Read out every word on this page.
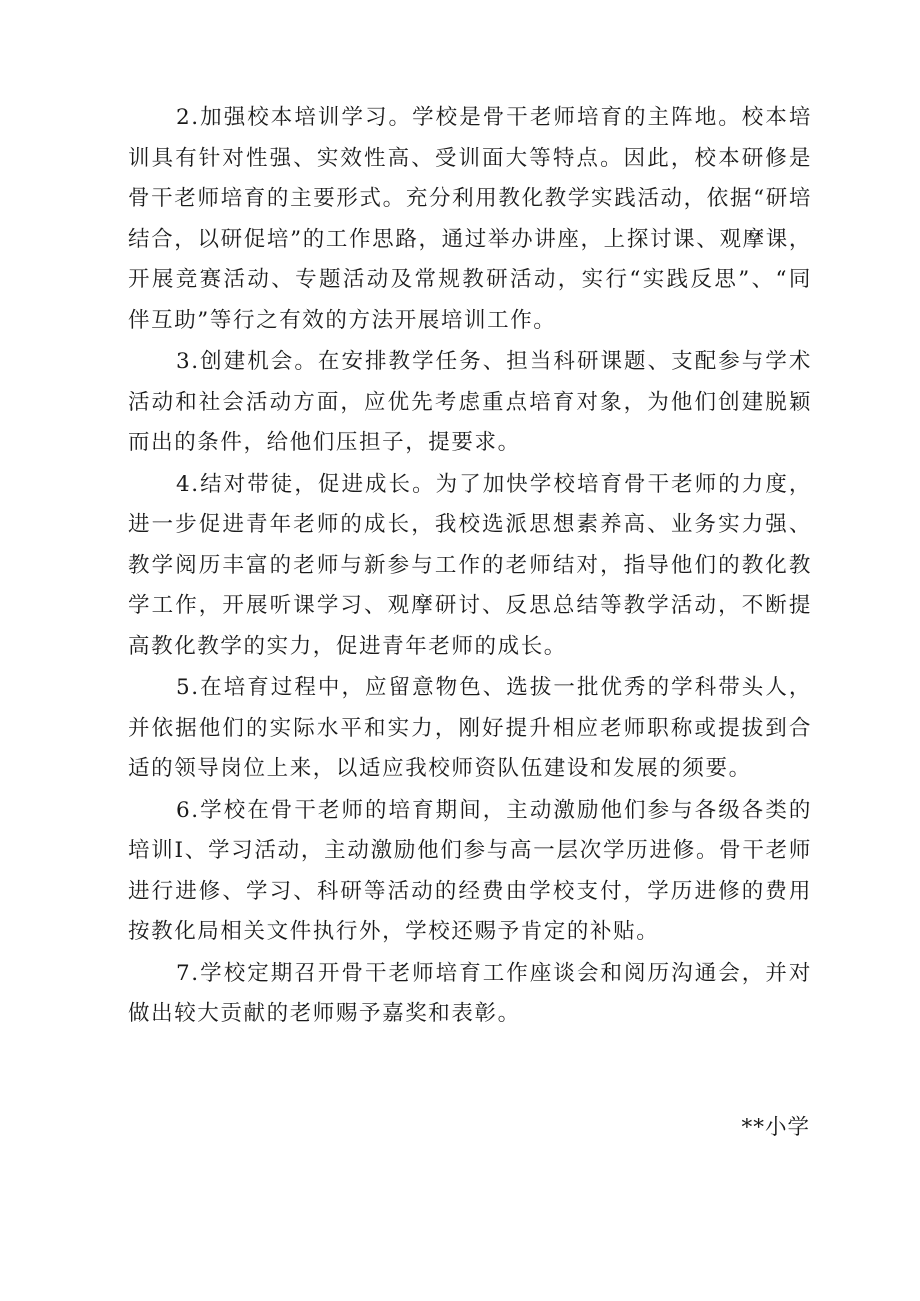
2.加强校本培训学习。学校是骨干老师培育的主阵地。校本培训具有针对性强、实效性高、受训面大等特点。因此，校本研修是骨干老师培育的主要形式。充分利用教化教学实践活动，依据“研培结合，以研促培”的工作思路，通过举办讲座，上探讨课、观摩课，开展竞赛活动、专题活动及常规教研活动，实行“实践反思”、“同伴互助”等行之有效的方法开展培训工作。

3.创建机会。在安排教学任务、担当科研课题、支配参与学术活动和社会活动方面，应优先考虑重点培育对象，为他们创建脱颖而出的条件，给他们压担子，提要求。

4.结对带徒，促进成长。为了加快学校培育骨干老师的力度，进一步促进青年老师的成长，我校选派思想素养高、业务实力强、教学阅历丰富的老师与新参与工作的老师结对，指导他们的教化教学工作，开展听课学习、观摩研讨、反思总结等教学活动，不断提高教化教学的实力，促进青年老师的成长。

5.在培育过程中，应留意物色、选拔一批优秀的学科带头人，并依据他们的实际水平和实力，刚好提升相应老师职称或提拔到合适的领导岗位上来，以适应我校师资队伍建设和发展的须要。

6.学校在骨干老师的培育期间，主动激励他们参与各级各类的培训I、学习活动，主动激励他们参与高一层次学历进修。骨干老师进行进修、学习、科研等活动的经费由学校支付，学历进修的费用按教化局相关文件执行外，学校还赐予肯定的补贴。

7.学校定期召开骨干老师培育工作座谈会和阅历沟通会，并对做出较大贡献的老师赐予嘉奖和表彰。

**小学
